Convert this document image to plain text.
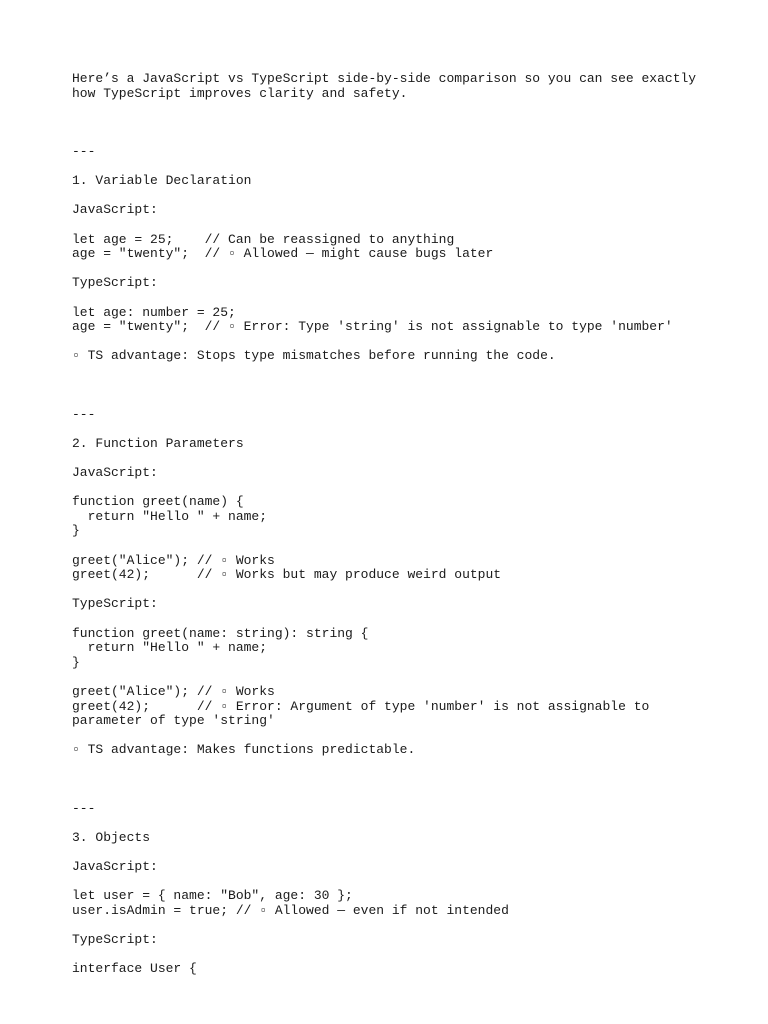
Here’s a JavaScript vs TypeScript side-by-side comparison so you can see exactly
how TypeScript improves clarity and safety.
---
1. Variable Declaration
JavaScript:
let age = 25;    // Can be reassigned to anything
age = "twenty";  // ▫ Allowed — might cause bugs later
TypeScript:
let age: number = 25;
age = "twenty";  // ▫ Error: Type 'string' is not assignable to type 'number'
▫ TS advantage: Stops type mismatches before running the code.
---
2. Function Parameters
JavaScript:
function greet(name) {
return "Hello " + name;
}
greet("Alice"); // ▫ Works
greet(42);      // ▫ Works but may produce weird output
TypeScript:
function greet(name: string): string {
return "Hello " + name;
}
greet("Alice"); // ▫ Works
greet(42);      // ▫ Error: Argument of type 'number' is not assignable to
parameter of type 'string'
▫ TS advantage: Makes functions predictable.
---
3. Objects
JavaScript:
let user = { name: "Bob", age: 30 };
user.isAdmin = true; // ▫ Allowed — even if not intended
TypeScript:
interface User {
